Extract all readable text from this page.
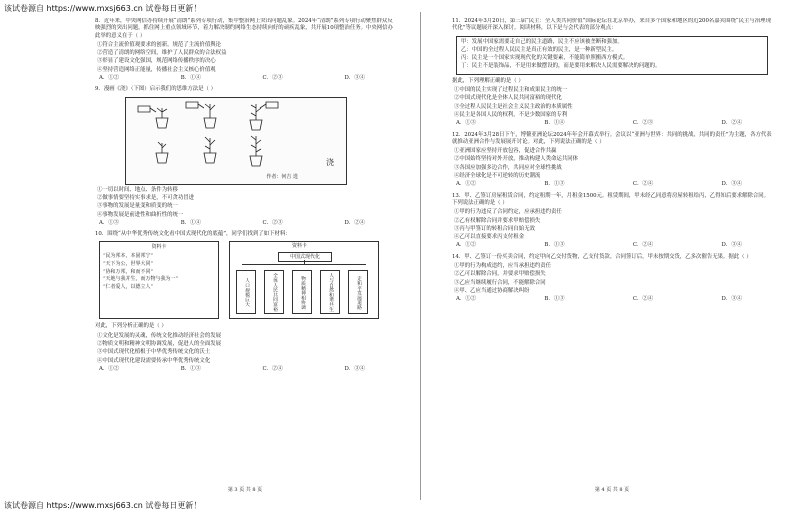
该试卷源自 https://www.mxsj663.cn 试卷每日更新！

8．近年来，中央网信办持续开展“清朗”系列专项行动，集中整治网上突出问题乱象。2024年“清朗”系列专项行动聚焦群众反映强烈的突出问题，抓住网上重点领域环节，着力解决制约网络生态持续向好的顽疾乱象，共开展10项整治任务。中央网信办此举的意义在于（ ）

①符合主流价值观要求的创新，规范了主流价值舆论

②营造了清朗的网络空间，维护了人民群众的合法权益

③彰显了建设文化强国，规范网络传播秩序的决心

④坚持营造网络正能量，传播社会主义核心价值观

A．①②	B．①④	C．②③	D．③④

9．漫画《浇》（下图）启示我们的思维方法是（ ）

浇
作者：何吉 选

①一切以时间、地点、条件为转移

②做事情要坚持实事求是，不可贪功冒进

③事物的发展是量变和质变的统一

④事物发展是前进性和曲折性的统一

A．①③	B．①④	C．②③	D．②④

10．围绕“从中华优秀传统文化看中国式现代化的底蕴”，同学们找到了如下材料：

资料卡

“民为邦本，本固邦宁”

“天下为公，世界大同”

“协和万邦，和而不同”

“天地与我并生，而万物与我为一”

“仁者爱人，以德立人”

资料卡
中国式现代化
人口规模巨大	全体人民共同富裕	物质精神相协调	人与自然和谐共生	走和平发展道路

对此，下列分析正确的是（ ）

①文化是发展的灵魂，传统文化推动经济社会的发展

②物质文明和精神文明协调发展，促进人的全面发展

③中国式现代化植根于中华优秀传统文化的沃土

④中国式现代化建设需要传承中华优秀传统文化

A．①②	B．①③	C．②④	D．③④
第 3 页 共 8 页

11．2024年3月20日，第三届“民主：全人类共同价值”国际论坛在北京举办，来自多个国家和地区的近200名嘉宾围绕“民主与治理现代化”等议题展开深入探讨。阅读材料，以下是与会代表的部分观点：

甲：发展中国家需要走自己的民主道路，民主不应该被垄断和强加。

乙：中国的全过程人民民主是真正有效的民主，是一种新型民主。

丙：民主是一个国家实现现代化的关键要素，不能简单照搬西方模式。

丁：民主不是装饰品，不是用来做摆设的，而是要用来解决人民需要解决的问题的。

据此，下列理解正确的是（ ）

①中国的民主实现了过程民主和成果民主的统一

②中国式现代化是全体人民共同富裕的现代化

③全过程人民民主是社会主义民主政治的本质属性

④民主是各国人民的权利，不是少数国家的专利

A．①③	B．①④	C．②③	D．②④

12．2024年3月28日下午，博鳌亚洲论坛2024年年会开幕式举行。会议以“亚洲与世界：共同的挑战，共同的责任”为主题，各方代表就推动亚洲合作与发展展开讨论。对此，下列说法正确的是（ ）

①亚洲国家应坚持开放包容，促进合作共赢

②中国始终坚持对外开放，推动构建人类命运共同体

③各国应加强多边合作，共同应对全球性挑战

④经济全球化是不可逆转的历史潮流

A．①②	B．①③	C．②④	D．③④

13．甲、乙签订房屋租赁合同，约定租期一年，月租金1500元。租赁期间，甲未经乙同意将房屋转租给丙，乙得知后要求解除合同。下列说法正确的是（ ）

①甲的行为违反了合同约定，应承担违约责任

②乙有权解除合同并要求甲赔偿损失

③丙与甲签订的转租合同自始无效

④乙可以直接要求丙支付租金

A．①②	B．①③	C．②④	D．③④

14．甲、乙签订一份买卖合同，约定甲向乙交付货物，乙支付货款。合同签订后，甲未按期交货，乙多次催告无果。据此（ ）

①甲的行为构成违约，应当承担违约责任

②乙可以解除合同，并要求甲赔偿损失

③乙应当继续履行合同，不能解除合同

④甲、乙应当通过协商解决纠纷

A．①②	B．①③	C．②④	D．③④
第 4 页 共 8 页
该试卷源自 https://www.mxsj663.cn 试卷每日更新！
